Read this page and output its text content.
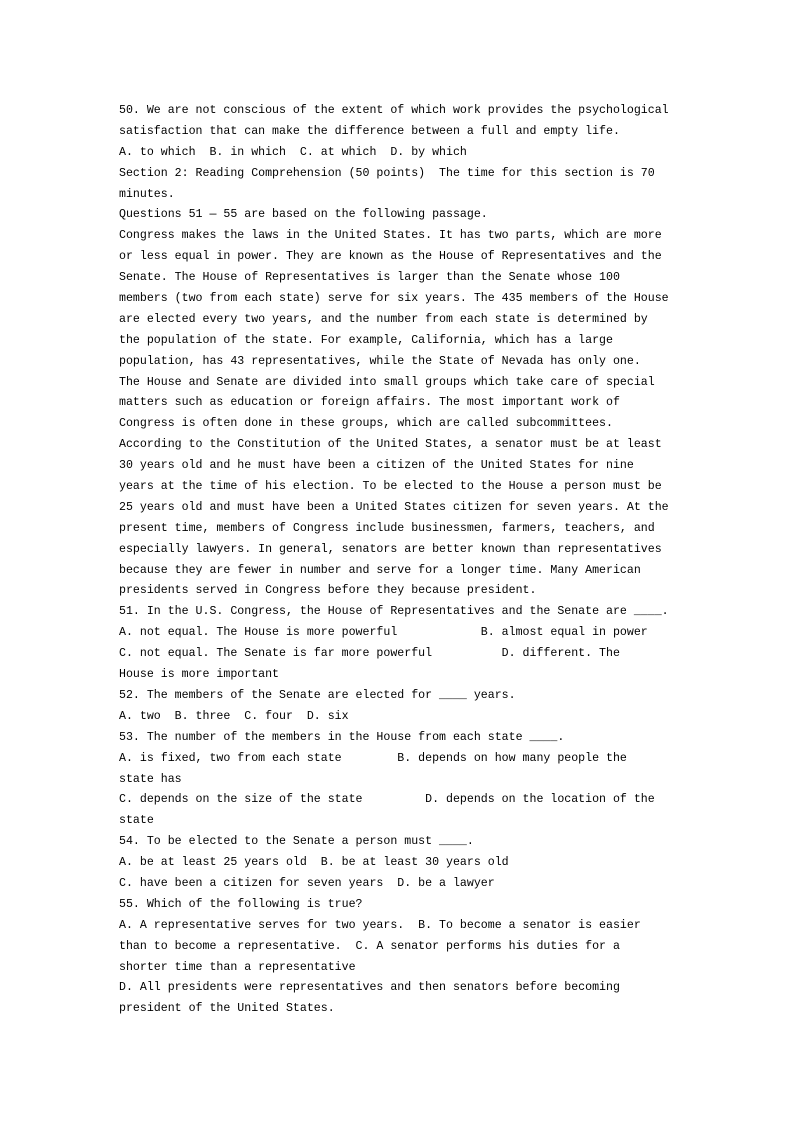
50. We are not conscious of the extent of which work provides the psychological
satisfaction that can make the difference between a full and empty life.
A. to which  B. in which  C. at which  D. by which
Section 2: Reading Comprehension (50 points)  The time for this section is 70
minutes.
Questions 51 — 55 are based on the following passage.
Congress makes the laws in the United States. It has two parts, which are more
or less equal in power. They are known as the House of Representatives and the
Senate. The House of Representatives is larger than the Senate whose 100
members (two from each state) serve for six years. The 435 members of the House
are elected every two years, and the number from each state is determined by
the population of the state. For example, California, which has a large
population, has 43 representatives, while the State of Nevada has only one.
The House and Senate are divided into small groups which take care of special
matters such as education or foreign affairs. The most important work of
Congress is often done in these groups, which are called subcommittees.
According to the Constitution of the United States, a senator must be at least
30 years old and he must have been a citizen of the United States for nine
years at the time of his election. To be elected to the House a person must be
25 years old and must have been a United States citizen for seven years. At the
present time, members of Congress include businessmen, farmers, teachers, and
especially lawyers. In general, senators are better known than representatives
because they are fewer in number and serve for a longer time. Many American
presidents served in Congress before they because president.
51. In the U.S. Congress, the House of Representatives and the Senate are ____.
A. not equal. The House is more powerful            B. almost equal in power
C. not equal. The Senate is far more powerful          D. different. The
House is more important
52. The members of the Senate are elected for ____ years.
A. two  B. three  C. four  D. six
53. The number of the members in the House from each state ____.
A. is fixed, two from each state        B. depends on how many people the
state has
C. depends on the size of the state         D. depends on the location of the
state
54. To be elected to the Senate a person must ____.
A. be at least 25 years old  B. be at least 30 years old
C. have been a citizen for seven years  D. be a lawyer
55. Which of the following is true?
A. A representative serves for two years.  B. To become a senator is easier
than to become a representative.  C. A senator performs his duties for a
shorter time than a representative
D. All presidents were representatives and then senators before becoming
president of the United States.
